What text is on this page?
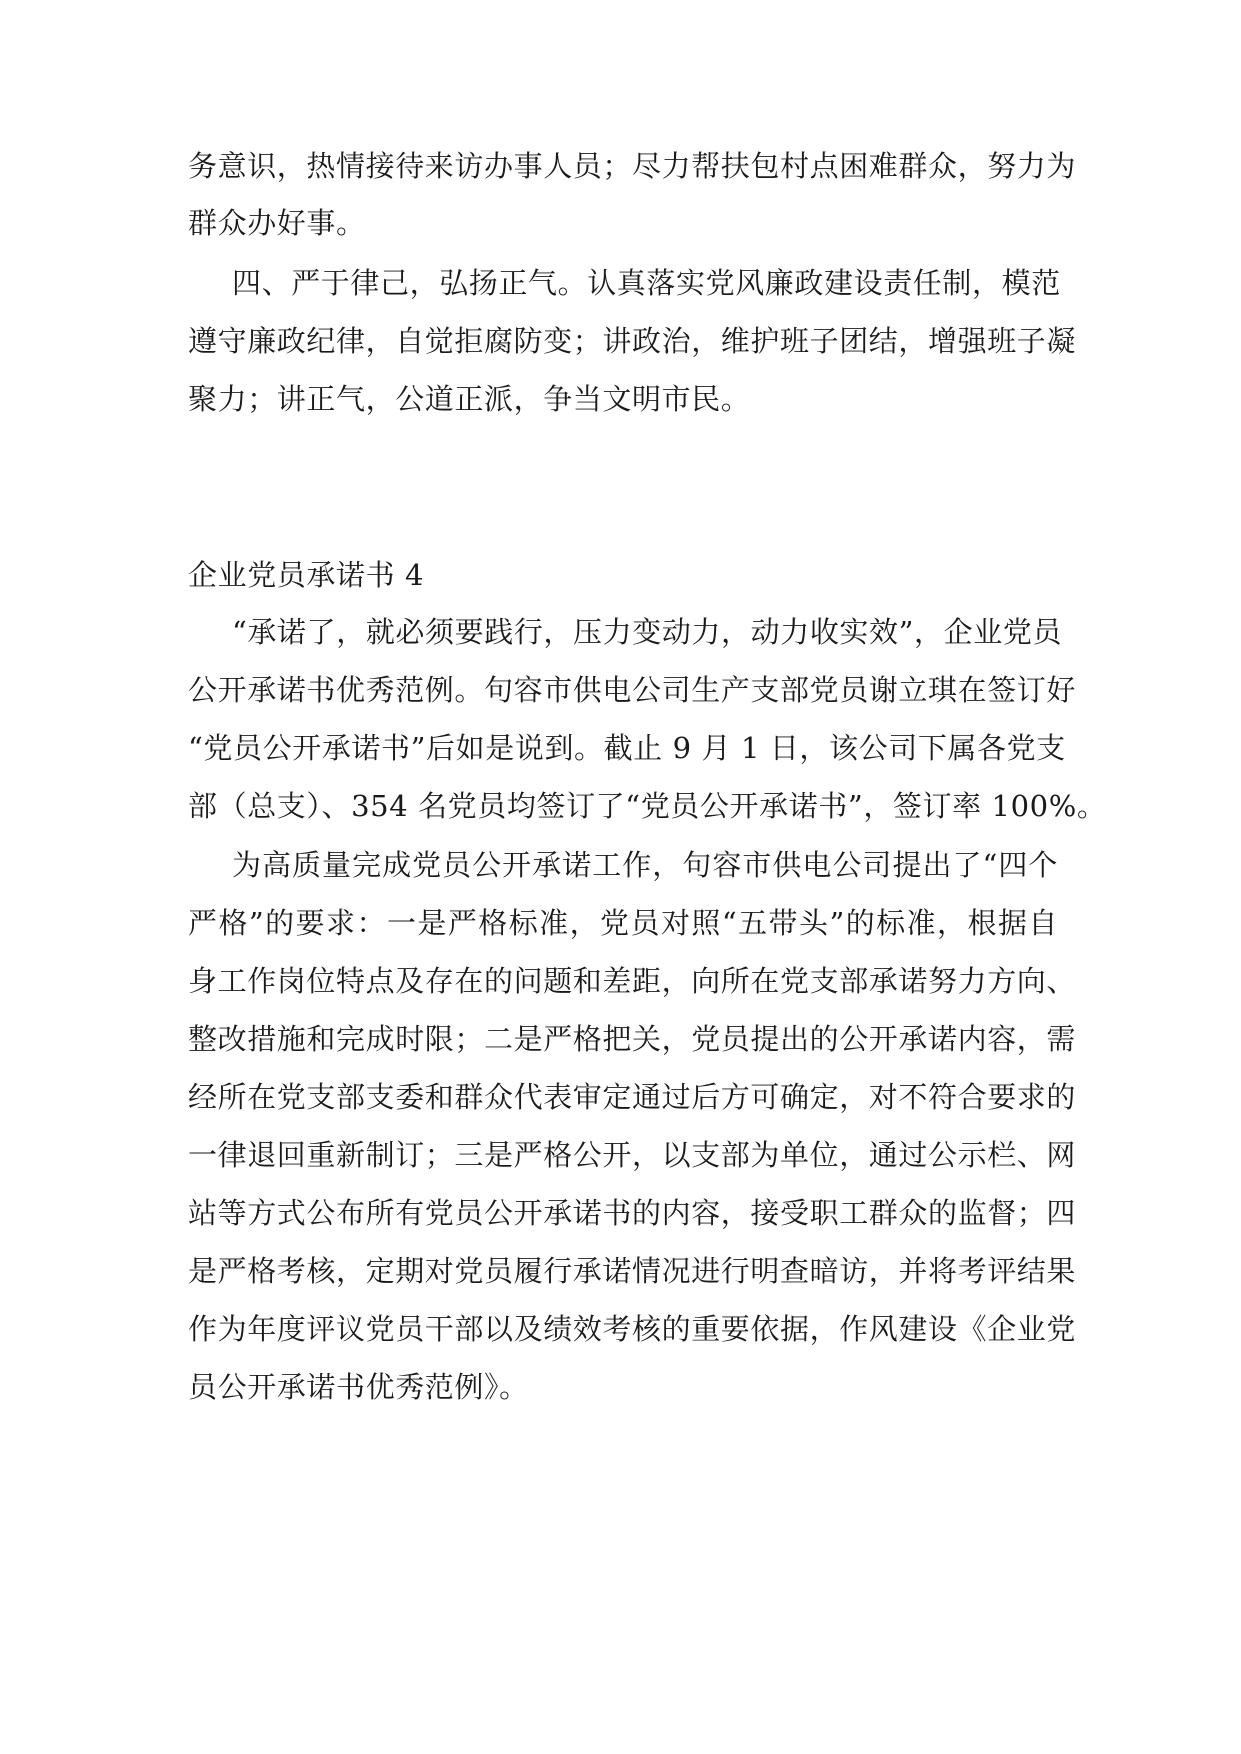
务意识，热情接待来访办事人员；尽力帮扶包村点困难群众，努力为
群众办好事。
四、严于律己，弘扬正气。认真落实党风廉政建设责任制，模范
遵守廉政纪律，自觉拒腐防变；讲政治，维护班子团结，增强班子凝
聚力；讲正气，公道正派，争当文明市民。
企业党员承诺书 4
“承诺了，就必须要践行，压力变动力，动力收实效”，企业党员
公开承诺书优秀范例。句容市供电公司生产支部党员谢立琪在签订好
“党员公开承诺书”后如是说到。截止 9 月 1 日，该公司下属各党支
部（总支）、354 名党员均签订了“党员公开承诺书”，签订率 100%。
为高质量完成党员公开承诺工作，句容市供电公司提出了“四个
严格”的要求：一是严格标准，党员对照“五带头”的标准，根据自
身工作岗位特点及存在的问题和差距，向所在党支部承诺努力方向、
整改措施和完成时限；二是严格把关，党员提出的公开承诺内容，需
经所在党支部支委和群众代表审定通过后方可确定，对不符合要求的
一律退回重新制订；三是严格公开，以支部为单位，通过公示栏、网
站等方式公布所有党员公开承诺书的内容，接受职工群众的监督；四
是严格考核，定期对党员履行承诺情况进行明查暗访，并将考评结果
作为年度评议党员干部以及绩效考核的重要依据，作风建设《企业党
员公开承诺书优秀范例》。
